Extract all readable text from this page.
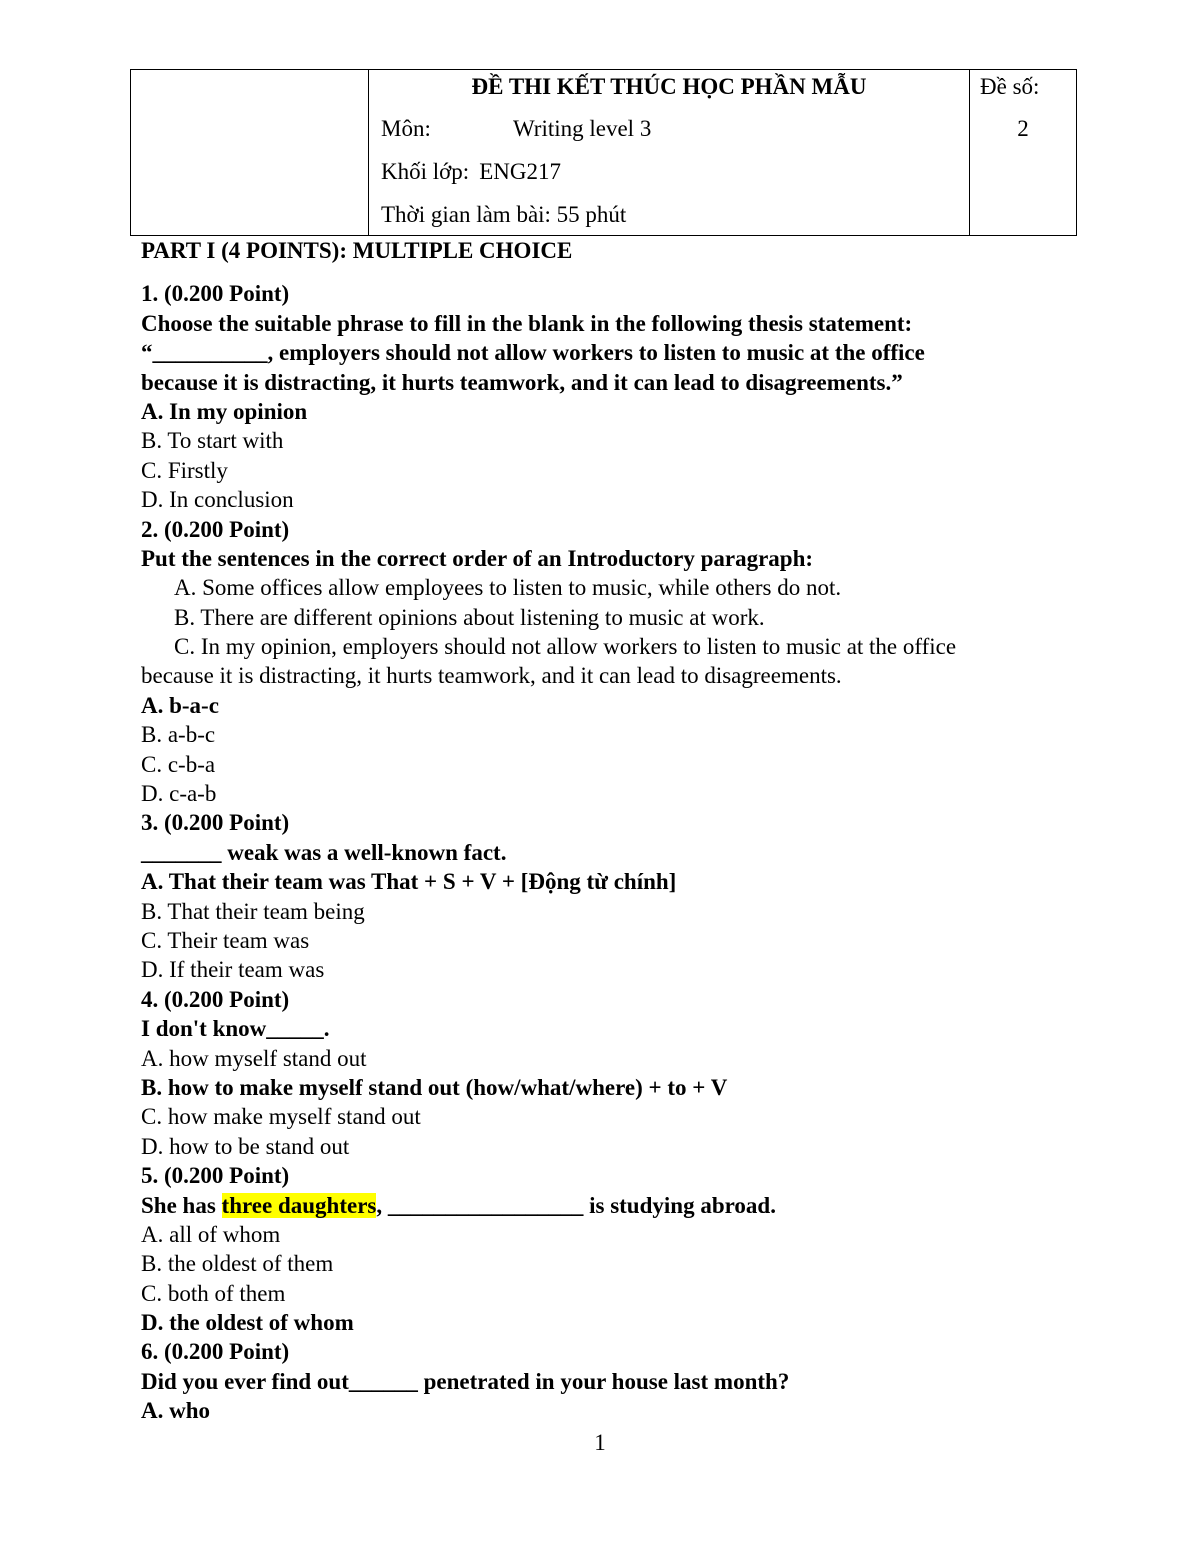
ĐỀ THI KẾT THÚC HỌC PHẦN MẪU
Môn:	Writing level 3
Khối lớp: ENG217
Thời gian làm bài: 55 phút

Đề số:
2
PART I (4 POINTS): MULTIPLE CHOICE
1. (0.200 Point)
Choose the suitable phrase to fill in the blank in the following thesis statement:
“__________, employers should not allow workers to listen to music at the office
because it is distracting, it hurts teamwork, and it can lead to disagreements.”
A. In my opinion
B. To start with
C. Firstly
D. In conclusion
2. (0.200 Point)
Put the sentences in the correct order of an Introductory paragraph:
A. Some offices allow employees to listen to music, while others do not.
B. There are different opinions about listening to music at work.
C. In my opinion, employers should not allow workers to listen to music at the office
because it is distracting, it hurts teamwork, and it can lead to disagreements.
A. b-a-c
B. a-b-c
C. c-b-a
D. c-a-b
3. (0.200 Point)
_______ weak was a well-known fact.
A. That their team was That + S + V + [Động từ chính]
B. That their team being
C. Their team was
D. If their team was
4. (0.200 Point)
I don't know_____.
A. how myself stand out
B. how to make myself stand out (how/what/where) + to + V
C. how make myself stand out
D. how to be stand out
5. (0.200 Point)
She has three daughters, _________________ is studying abroad.
A. all of whom
B. the oldest of them
C. both of them
D. the oldest of whom
6. (0.200 Point)
Did you ever find out______ penetrated in your house last month?
A. who
1
